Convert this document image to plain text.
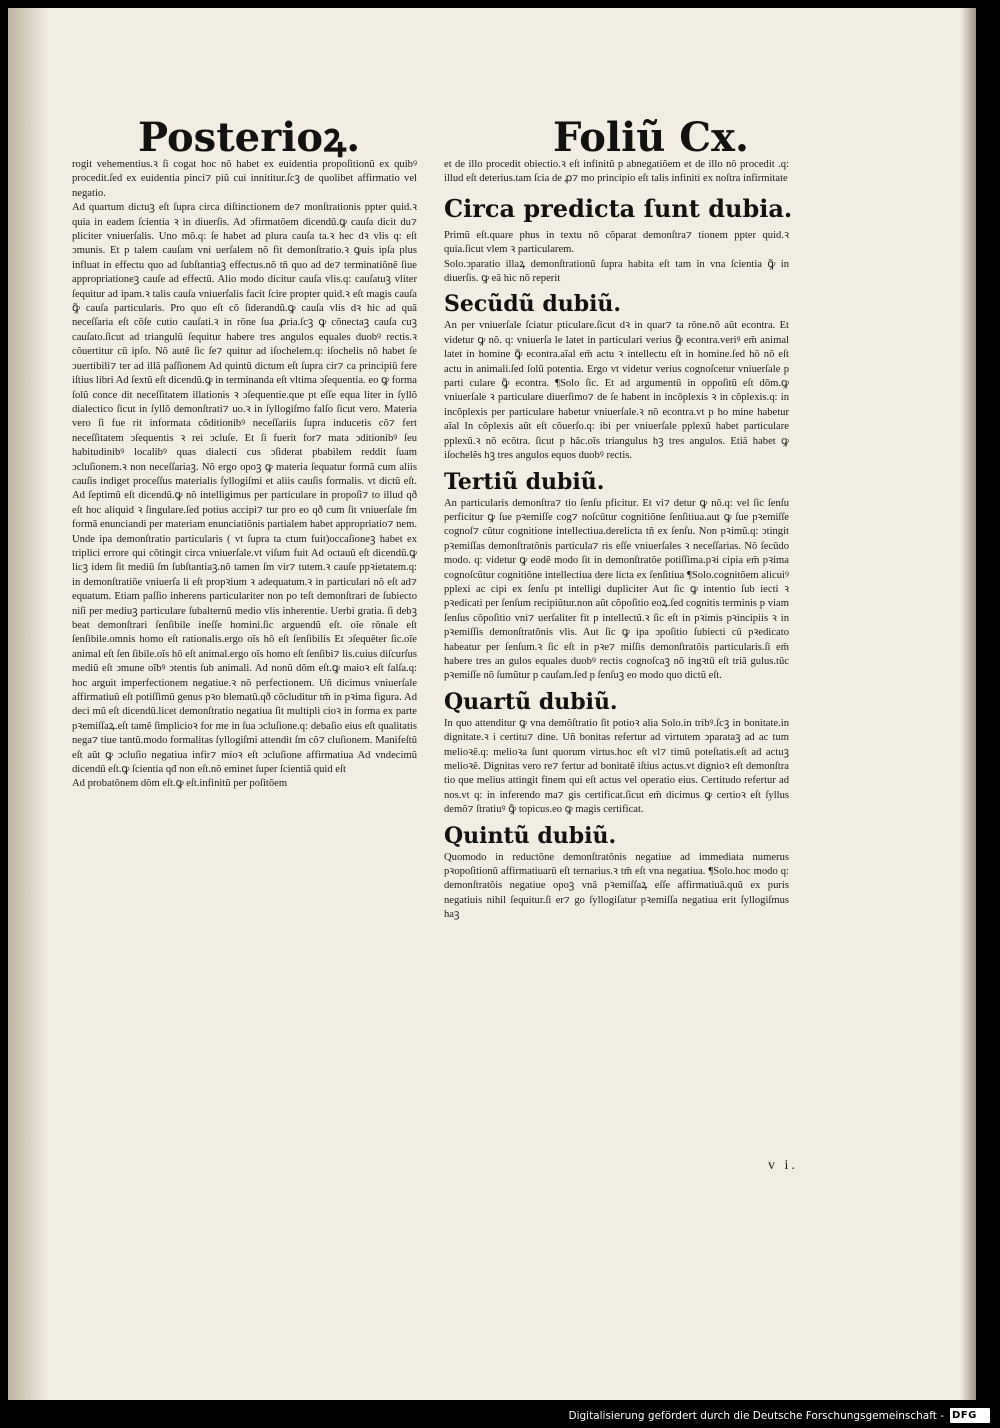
Posterioꝝ.	Foliũ Cx.

rogit vehementius.ꝛ ſi cogat hoc nõ habet ex euidentia propoſitionũ ex quibꝰ procedit.ſed ex euidentia pinci⁊ piũ cui innititur.ſcꝫ de quolibet affirmatio vel negatio.

Ad quartum dictuꝫ eſt ſupra circa diſtinctionem de⁊ monſtrationis ppter quid.ꝛ quia in eadem ſcientia ꝛ in diuerſis. Ad ↄfirmatõem dicendũ.ꝙ cauſa dicit du⁊ pliciter vniuerſalis. Uno mõ.q: ſe habet ad plura cauſa ta.ꝛ hec dꝛ vlis q: eſt ↄmunis. Et p talem cauſam vni uerſalem nõ fit demonſtratio.ꝛ ꝙuis ipſa plus influat in effectu quo ad ſubſtantiaꝫ effectus.nõ tñ quo ad de⁊ terminatiõnẽ ſiue appropriationeꝫ cauſe ad effectũ. Alio modo dicitur cauſa vlis.q: cauſatuꝫ vliter ſequitur ad ipam.ꝛ talis cauſa vniuerſalis facit ſcire propter quid.ꝛ eſt magis cauſa ꝙ̃ cauſa particularis. Pro quo eſt cõ ſiderandũ.ꝙ cauſa vlis dꝛ hic ad quã neceſſaria eſt cõſe cutio cauſati.ꝛ in rõne ſua ꝓria.ſcꝫ ꝙ cõnectaꝫ cauſa cuꝫ cauſato.ſicut ad triangulũ ſequitur habere tres angulos equales duobꝰ rectis.ꝛ cõuertitur cũ ipſo. Nõ autẽ ſic ſe⁊ quitur ad iſochelem.q: iſochelis nõ habet ſe ↄuertibili⁊ ter ad illã paſſionem Ad quintũ dictum eſt ſupra cir⁊ ca principiũ fere iſtius libri Ad ſextũ eſt dicendũ.ꝙ in terminanda eſt vltima ↄſequentia. eo ꝙ forma ſolũ conce dit neceſſitatem illationis ꝛ ↄſequentie.que pt eſſe equa liter in ſyllõ dialectico ſicut in ſyllõ demonſtrati⁊ uo.ꝛ in ſyllogiſmo falſo ſicut vero. Materia vero ſi fue rit informata cõditionibꝰ neceſſariis ſupra inducetis cõ⁊ fert neceſſitatem ↄſequentis ꝛ rei ↄcluſe. Et ſi fuerit for⁊ mata ↄditionibꝰ ſeu habitudinibꝰ localibꝰ quas dialecti cus ↄſiderat pbabilem reddit ſuam ↄcluſionem.ꝛ non neceſſariaꝫ. Nõ ergo opoꝫ ꝙ materia ſequatur formã cum aliis cauſis indiget proceſſus materialis ſyllogiſmi et aliis cauſis formalis. vt dictũ eſt. Ad ſeptimũ eſt dicendũ.ꝙ nõ intelligimus per particulare in propoſi⁊ to illud qð eſt hoc aliquid ꝛ ſingulare.ſed potius accipi⁊ tur pro eo qð cum ſit vniuerſale ſm formã enunciandi per materiam enunciatiõnis partialem habet appropriatio⁊ nem. Unde ipa demonſtratio particularis ( vt ſupra ta ctum fuit)occaſioneꝫ habet ex triplici errore qui cõtingit circa vniuerſale.vt viſum fuit Ad octauũ eſt dicendũ.ꝙ licꝫ idem ſit mediũ ſm ſubſtantiaꝫ.nõ tamen ſm vir⁊ tutem.ꝛ cauſe ppꝛietatem.q: in demonſtratiõe vniuerſa li eſt propꝛium ꝛ adequatum.ꝛ in particulari nõ eſt ad⁊ equatum. Etiam paſſio inherens particulariter non po teſt demonſtrari de ſubiecto niſi per mediuꝫ particulare ſubalternũ medio vlis inherentie. Uerbi gratia. ſi debꝫ beat demonſtrari ſenſibile ineſſe homini.ſic arguendũ eſt. oĩe rõnale eſt ſenſibile.omnis homo eſt rationalis.ergo oĩs hõ eſt ſenſibilis Et ↄſequẽter ſic.oĩe animal eſt ſen ſibile.oĩs hõ eſt animal.ergo oĩs homo eſt ſenſibi⁊ lis.cuius diſcurſus mediũ eſt ↄmune oĩbꝰ ↄtentis ſub animali. Ad nonũ dõm eſt.ꝙ maioꝛ eſt falſa.q: hoc arguit imperfectionem negatiue.ꝛ nõ perfectionem. Uñ dicimus vniuerſale affirmatiuũ eſt potiſſimũ genus pꝛo blematũ.qð cõcluditur tm̃ in pꝛima figura. Ad deci mũ eſt dicendũ.licet demonſtratio negatiua ſit multipli cioꝛ in forma ex parte pꝛemiſſaꝝ.eſt tamẽ ſimplicioꝛ for me in ſua ↄcluſione.q: debaſio eius eſt qualitatis nega⁊ tiue tantũ.modo formalitas ſyllogiſmi attendit ſm cõ⁊ cluſionem. Manifeſtũ eſt aũt ꝙ ↄcluſio negatiua infir⁊ mioꝛ eſt ↄcluſione affirmatiua Ad vndecimũ dicendũ eſt.ꝙ ſcientia qđ non eſt.nõ eminet ſuper ſcientiã quid eſt

Ad probatõnem dõm eſt.ꝙ eſt.infinitũ per poſitõem

et de illo procedit obiectio.ꝛ eſt infinitũ p abnegatiõem et de illo nõ procedit .q: illud eſt deterius.tam ſcia de ꝓ⁊ mo principio eſt talis infiniti ex noſtra infirmitate

Circa predicta ſunt dubia.

Primũ eſt.quare phus in textu nõ cõparat demonſtra⁊ tionem ppter quid.ꝛ quia.ſicut vlem ꝛ particularem.

Solo.ↄparatio illaꝝ demonſtrationũ ſupra habita eſt tam in vna ſcientia ꝙ̃ in diuerſis. ꝙ eã hic nõ reperit

Secũdũ dubiũ.

An per vniuerſale ſciatur pticulare.ſicut dꝛ in quar⁊ ta rõne.nõ aũt econtra. Et videtur ꝙ nõ. q: vniuerſa le latet in particulari verius ꝙ̃ econtra.veriꝰ em̃ animal latet in homine ꝙ̃ econtra.aĩal em̃ actu ꝛ intellectu eſt in homine.ſed hõ nõ eſt actu in animali.ſed ſolũ potentia. Ergo vt videtur verius cognoſcetur vniuerſale p parti culare ꝙ̃ econtra. ¶Solo ſic. Et ad argumentũ in oppoſitũ eſt dõm.ꝙ vniuerſale ꝛ particulare diuerſimo⁊ de ſe habent in incõplexis ꝛ in cõplexis.q: in incõplexis per particulare habetur vniuerſale.ꝛ nõ econtra.vt p ho mine habetur aĩal In cõplexis aũt eſt cõuerſo.q: ibi per vniuerſale pplexũ habet particulare pplexũ.ꝛ nõ ecõtra. ſicut p hãc.oĩs triangulus hꝫ tres angulos. Etiã habet ꝙ iſochelẽs hꝫ tres angulos equos duobꝰ rectis.

Tertiũ dubiũ.

An particularis demonſtra⁊ tio ſenſu pficitur. Et vi⁊ detur ꝙ nõ.q: vel ſic ſenſu perficitur ꝙ ſue pꝛemiſſe cog⁊ noſcũtur cognitiõne ſenſitiua.aut ꝙ ſue pꝛemiſſe cognoſ⁊ cũtur cognitione intellectiua.derelicta tñ ex ſenſu. Non pꝛimũ.q: ↄtingit pꝛemiſſas demonſtratõnis particula⁊ ris eſſe vniuerſales ꝛ neceſſarias. Nõ ſecũdo modo. q: videtur ꝙ eodẽ modo ſit in demonſtratõe potiſſima.pꝛi cipia em̃ pꝛima cognoſcũtur cognitiõne intellectiua dere licta ex ſenſitiua ¶Solo.cognitõem alicuiꝰ pplexi ac cipi ex ſenſu pt intelligi dupliciter Aut ſic ꝙ intentio ſub iecti ꝛ pꝛedicati per ſenſum recipiũtur.non aũt cõpoſitio eoꝝ.ſed cognitis terminis p viam ſenſus cõpoſitio vni⁊ uerſaliter fit p intellectũ.ꝛ ſic eſt in pꝛimis pꝛincipiis ꝛ in pꝛemiſſis demonſtratõnis vlis. Aut ſic ꝙ ipa ↄpoſitio ſubiecti cũ pꝛedicato habeatur per ſenſum.ꝛ ſic eſt in pꝛe⁊ miſſis demonſtratõis particularis.ſi em̃ habere tres an gulos equales duobꝰ rectis cognoſcaꝫ nõ ingꝛtũ eſt triã gulus.tũc pꝛemiſſe nõ ſumũtur p cauſam.ſed p ſenſuꝫ eo modo quo dictũ eſt.

Quartũ dubiũ.

In quo attenditur ꝙ vna demõſtratio ſit potioꝛ alia Solo.in tribꝰ.ſcꝫ in bonitate.in dignitate.ꝛ i certitu⁊ dine. Uñ bonitas refertur ad virtutem ↄparataꝫ ad ac tum melioꝛẽ.q: melioꝛa ſunt quorum virtus.hoc eſt vl⁊ timũ poteſtatis.eſt ad actuꝫ melioꝛẽ. Dignitas vero re⁊ fertur ad bonitatẽ iſtius actus.vt dignioꝛ eſt demonſtra tio que melius attingit finem qui eſt actus vel operatio eius. Certitudo refertur ad nos.vt q: in inferendo ma⁊ gis certificat.ſicut em̃ dicimus ꝙ certioꝛ eſt ſyllus demõ⁊ ſtratiuꝰ ꝙ̃ topicus.eo ꝙ magis certificat.

Quintũ dubiũ.

Quomodo in reductõne demonſtratõnis negatiue ad immediata numerus pꝛopoſitionũ affirmatiuarũ eſt ternarius.ꝛ tm̃ eſt vna negatiua. ¶Solo.hoc modo q: demonſtratõis negatiue opoꝫ vnã pꝛemiſſaꝝ eſſe affirmatiuã.quũ ex puris negatiuis nihil ſequitur.ſi er⁊ go ſyllogiſatur pꝛemiſſa negatiua erit ſyllogiſmus haꝫ

v i.
Digitalisierung gefördert durch die Deutsche Forschungsgemeinschaft - DFG
